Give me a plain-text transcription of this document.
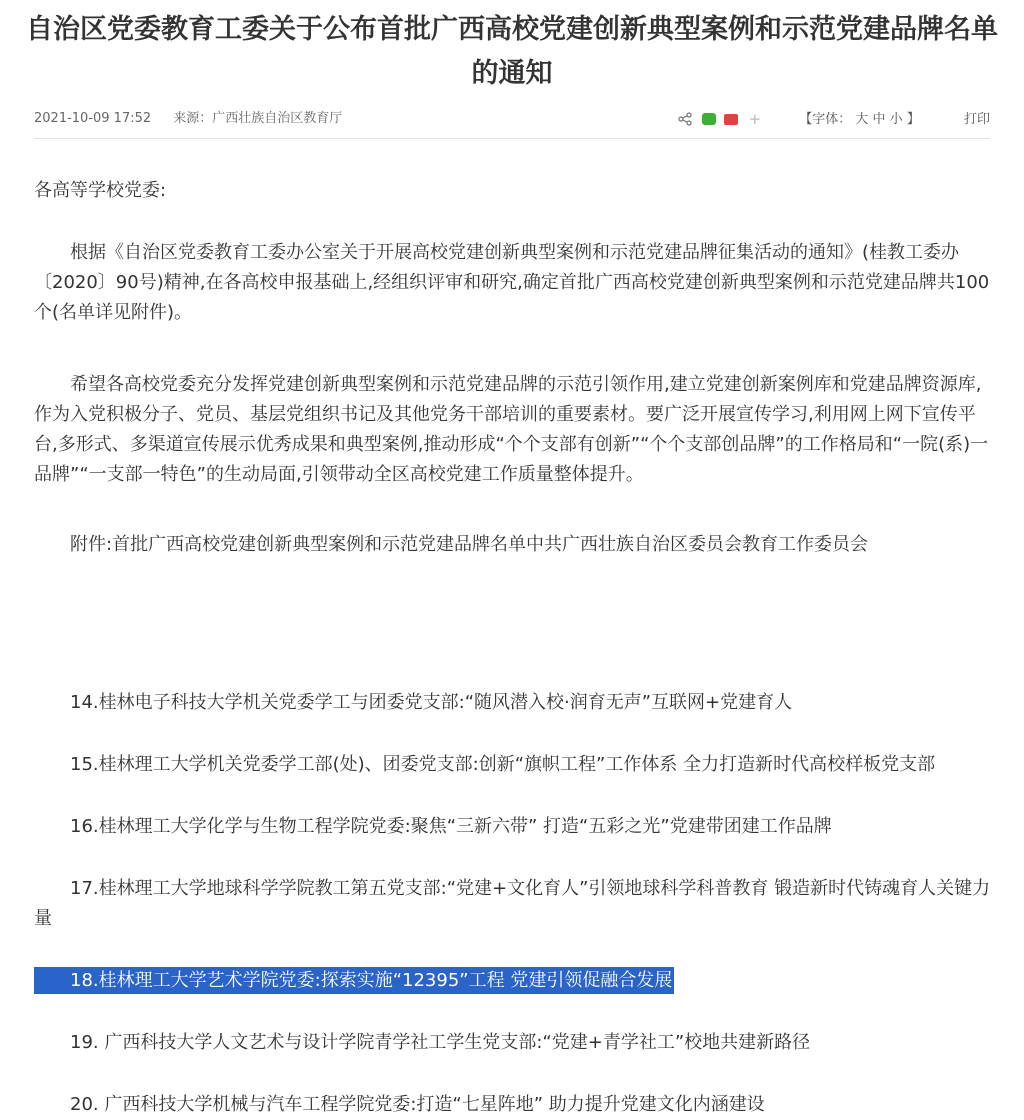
自治区党委教育工委关于公布首批广西高校党建创新典型案例和示范党建品牌名单的通知
2021-10-09 17:52 来源：广西壮族自治区教育厅	+	【字体： 大 中 小 】	打印

各高等学校党委:

根据《自治区党委教育工委办公室关于开展高校党建创新典型案例和示范党建品牌征集活动的通知》(桂教工委办〔2020〕90号)精神,在各高校申报基础上,经组织评审和研究,确定首批广西高校党建创新典型案例和示范党建品牌共100个(名单详见附件)。

希望各高校党委充分发挥党建创新典型案例和示范党建品牌的示范引领作用,建立党建创新案例库和党建品牌资源库,作为入党积极分子、党员、基层党组织书记及其他党务干部培训的重要素材。要广泛开展宣传学习,利用网上网下宣传平台,多形式、多渠道宣传展示优秀成果和典型案例,推动形成“个个支部有创新”“个个支部创品牌”的工作格局和“一院(系)一品牌”“一支部一特色”的生动局面,引领带动全区高校党建工作质量整体提升。

附件:首批广西高校党建创新典型案例和示范党建品牌名单中共广西壮族自治区委员会教育工作委员会

14.桂林电子科技大学机关党委学工与团委党支部:“随风潜入校·润育无声”互联网+党建育人

15.桂林理工大学机关党委学工部(处)、团委党支部:创新“旗帜工程”工作体系 全力打造新时代高校样板党支部

16.桂林理工大学化学与生物工程学院党委:聚焦“三新六带” 打造“五彩之光”党建带团建工作品牌

17.桂林理工大学地球科学学院教工第五党支部:“党建+文化育人”引领地球科学科普教育 锻造新时代铸魂育人关键力量

18.桂林理工大学艺术学院党委:探索实施“12395”工程 党建引领促融合发展

19. 广西科技大学人文艺术与设计学院青学社工学生党支部:“党建+青学社工”校地共建新路径

20. 广西科技大学机械与汽车工程学院党委:打造“七星阵地” 助力提升党建文化内涵建设
